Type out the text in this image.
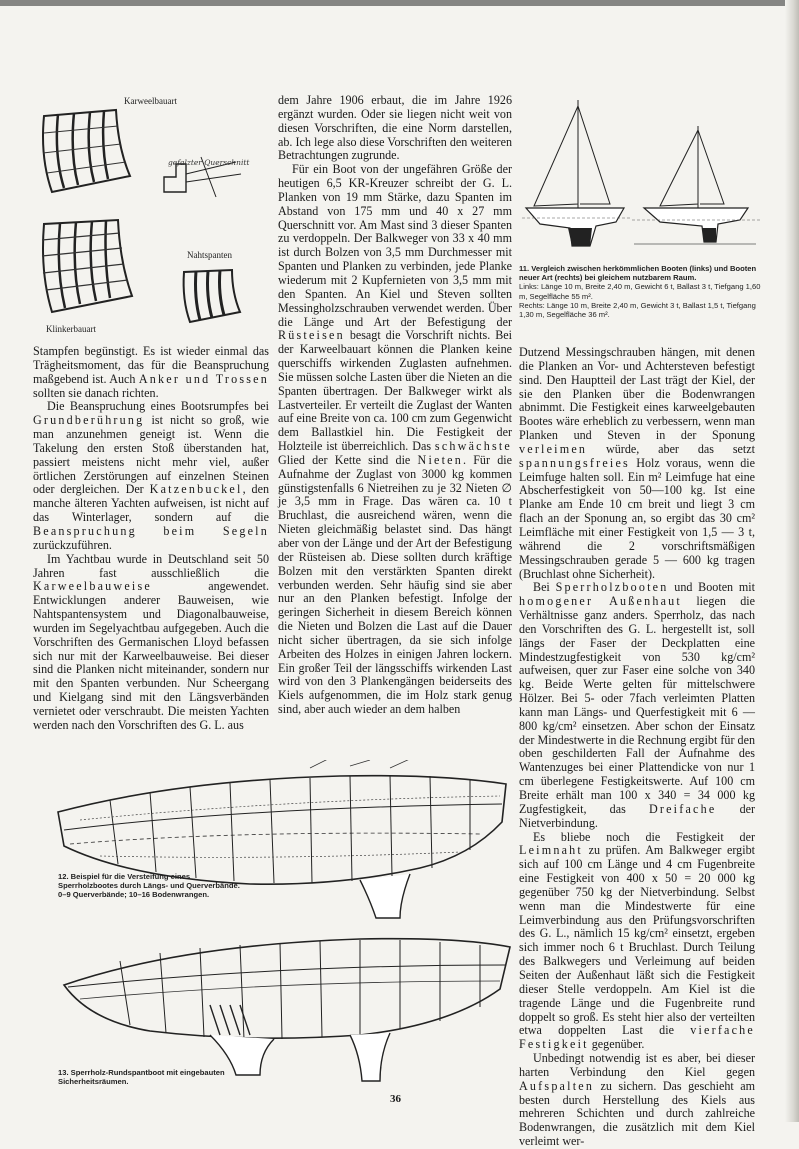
Karweelbauart
gefalzter Querschnitt
Nahtspanten
Klinkerbauart
11. Vergleich zwischen herkömmlichen Booten (links) und Booten neuer Art (rechts) bei gleichem nutzbarem Raum.
Links: Länge 10 m, Breite 2,40 m, Gewicht 6 t, Ballast 3 t, Tiefgang 1,60 m, Segelfläche 55 m².
Rechts: Länge 10 m, Breite 2,40 m, Gewicht 3 t, Ballast 1,5 t, Tiefgang 1,30 m, Segelfläche 36 m².

Stampfen begünstigt. Es ist wieder einmal das Trägheitsmoment, das für die Beanspruchung maßgebend ist. Auch Anker und Trossen sollten sie danach richten.

Die Beanspruchung eines Bootsrumpfes bei Grundberührung ist nicht so groß, wie man anzunehmen geneigt ist. Wenn die Takelung den ersten Stoß überstanden hat, passiert meistens nicht mehr viel, außer örtlichen Zerstörungen auf einzelnen Steinen oder dergleichen. Der Katzenbuckel, den manche älteren Yachten aufweisen, ist nicht auf das Winterlager, sondern auf die Beanspruchung beim Segeln zurückzuführen.

Im Yachtbau wurde in Deutschland seit 50 Jahren fast ausschließlich die Karweelbauweise	angewendet. Entwicklungen anderer Bauweisen, wie Nahtspantensystem und Diagonalbauweise, wurden im Segelyachtbau aufgegeben. Auch die Vorschriften des Germanischen Lloyd befassen sich nur mit der Karweelbauweise. Bei dieser sind die Planken nicht miteinander, sondern nur mit den Spanten verbunden. Nur Scheergang und Kielgang sind mit den Längsverbänden vernietet oder verschraubt. Die meisten Yachten werden nach den Vorschriften des G. L. aus

dem Jahre 1906 erbaut, die im Jahre 1926 ergänzt wurden. Oder sie liegen nicht weit von diesen Vorschriften, die eine Norm darstellen, ab. Ich lege also diese Vorschriften den weiteren Betrachtungen zugrunde.

Für ein Boot von der ungefähren Größe der heutigen 6,5 KR-Kreuzer schreibt der G. L. Planken von 19 mm Stärke, dazu Spanten im Abstand von 175 mm und 40 x 27 mm Querschnitt vor. Am Mast sind 3 dieser Spanten zu verdoppeln. Der Balkweger von 33 x 40 mm ist durch Bolzen von 3,5 mm Durchmesser mit Spanten und Planken zu verbinden, jede Planke wiederum mit 2 Kupfernieten von 3,5 mm mit den Spanten. An Kiel und Steven sollten Messingholzschrauben verwendet werden. Über die Länge und Art der Befestigung der Rüsteisen besagt die Vorschrift nichts. Bei der Karweelbauart können die Planken keine querschiffs wirkenden Zuglasten aufnehmen. Sie müssen solche Lasten über die Nieten an die Spanten übertragen. Der Balkweger wirkt als Lastverteiler. Er verteilt die Zuglast der Wanten auf eine Breite von ca. 100 cm zum Gegenwicht dem Ballastkiel hin. Die Festigkeit der Holzteile ist überreichlich. Das schwächste Glied der Kette sind die Nieten. Für die Aufnahme der Zuglast von 3000 kg kommen günstigstenfalls 6 Nietreihen zu je 32 Nieten ∅ je 3,5 mm in Frage. Das wären ca. 10 t Bruchlast, die ausreichend wären, wenn die Nieten gleichmäßig belastet sind. Das hängt aber von der Länge und der Art der Befestigung der Rüsteisen ab. Diese sollten durch kräftige Bolzen mit den verstärkten Spanten direkt verbunden werden. Sehr häufig sind sie aber nur an den Planken befestigt. Infolge der geringen Sicherheit in diesem Bereich können die Nieten und Bolzen die Last auf die Dauer nicht sicher übertragen, da sie sich infolge Arbeiten des Holzes in einigen Jahren lockern. Ein großer Teil der längsschiffs wirkenden Last wird von den 3 Plankengängen beiderseits des Kiels aufgenommen, die im Holz stark genug sind, aber auch wieder an dem halben

Dutzend Messingschrauben hängen, mit denen die Planken an Vor- und Achtersteven befestigt sind. Den Hauptteil der Last trägt der Kiel, der sie den Planken über die Bodenwrangen abnimmt. Die Festigkeit eines karweelgebauten Bootes wäre erheblich zu verbessern, wenn man Planken und Steven in der Sponung verleimen würde, aber das setzt spannungsfreies Holz voraus, wenn die Leimfuge halten soll. Ein m² Leimfuge hat eine Abscherfestigkeit von 50—100 kg. Ist eine Planke am Ende 10 cm breit und liegt 3 cm flach an der Sponung an, so ergibt das 30 cm² Leimfläche mit einer Festigkeit von 1,5 — 3 t, während die 2 vorschriftsmäßigen Messingschrauben gerade 5 — 600 kg tragen (Bruchlast ohne Sicherheit).

Bei Sperrholzbooten und Booten mit homogener Außenhaut liegen die Verhältnisse ganz anders. Sperrholz, das nach den Vorschriften des G. L. hergestellt ist, soll längs der Faser der Deckplatten eine Mindestzugfestigkeit von 530 kg/cm² aufweisen, quer zur Faser eine solche von 340 kg. Beide Werte gelten für mittelschwere Hölzer. Bei 5- oder 7fach verleimten Platten kann man Längs- und Querfestigkeit mit 6 — 800 kg/cm² einsetzen. Aber schon der Einsatz der Mindestwerte in die Rechnung ergibt für den oben geschilderten Fall der Aufnahme des Wantenzuges bei einer Plattendicke von nur 1 cm überlegene Festigkeitswerte. Auf 100 cm Breite erhält man 100 x 340 = 34 000 kg Zugfestigkeit, das Dreifache der Nietverbindung.

Es bliebe noch die Festigkeit der Leimnaht zu prüfen. Am Balkweger ergibt sich auf 100 cm Länge und 4 cm Fugenbreite eine Festigkeit von 400 x 50 = 20 000 kg gegenüber 750 kg der Nietverbindung. Selbst wenn man die Mindestwerte für eine Leimverbindung aus den Prüfungsvorschriften des G. L., nämlich 15 kg/cm² einsetzt, ergeben sich immer noch 6 t Bruchlast. Durch Teilung des Balkwegers und Verleimung auf beiden Seiten der Außenhaut läßt sich die Festigkeit dieser Stelle verdoppeln. Am Kiel ist die tragende Länge und die Fugenbreite rund doppelt so groß. Es steht hier also der verteilten etwa doppelten Last die vierfache Festigkeit gegenüber.

Unbedingt notwendig ist es aber, bei dieser harten Verbindung den Kiel gegen Aufspalten zu sichern. Das geschieht am besten durch Herstellung des Kiels aus mehreren Schichten und durch zahlreiche Bodenwrangen, die zusätzlich mit dem Kiel verleimt wer-

12. Beispiel für die Versteifung eines Sperrholzbootes durch Längs- und Querverbände. 0–9 Querverbände; 10–16 Bodenwrangen.
13. Sperrholz-Rundspantboot mit eingebauten Sicherheitsräumen.
36
